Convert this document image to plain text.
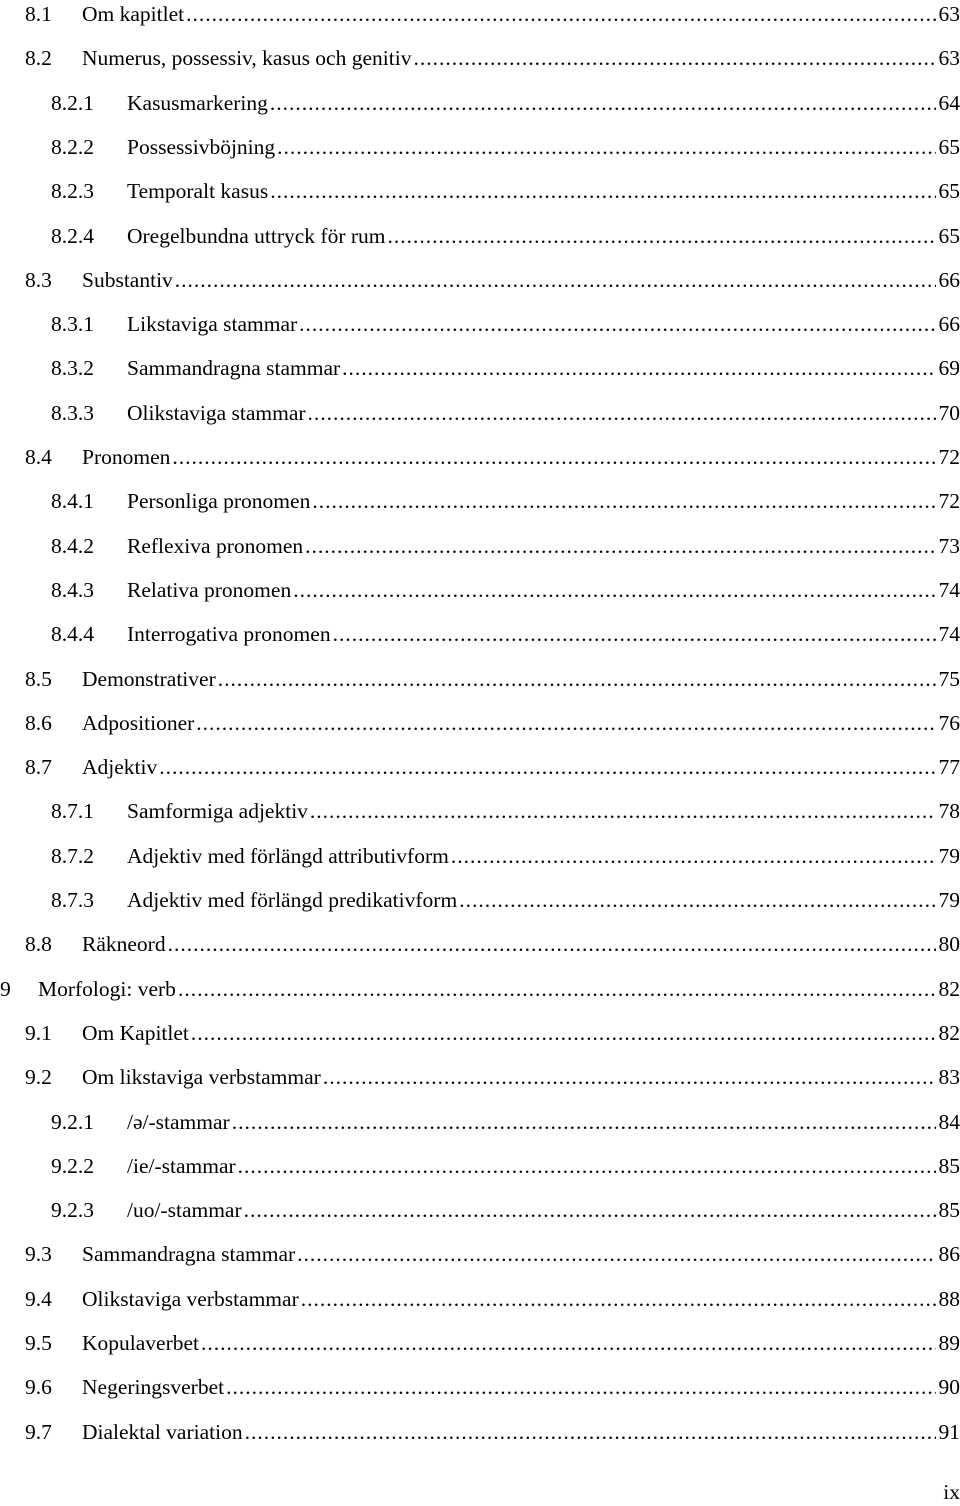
8.1 Om kapitlet .....	63
8.2 Numerus, possessiv, kasus och genitiv .....	63
8.2.1 Kasusmarkering .....	64
8.2.2 Possessivböjning .....	65
8.2.3 Temporalt kasus .....	65
8.2.4 Oregelbundna uttryck för rum .....	65
8.3 Substantiv .....	66
8.3.1 Likstaviga stammar .....	66
8.3.2 Sammandragna stammar .....	69
8.3.3 Olikstaviga stammar .....	70
8.4 Pronomen .....	72
8.4.1 Personliga pronomen .....	72
8.4.2 Reflexiva pronomen .....	73
8.4.3 Relativa pronomen .....	74
8.4.4 Interrogativa pronomen .....	74
8.5 Demonstrativer .....	75
8.6 Adpositioner .....	76
8.7 Adjektiv .....	77
8.7.1 Samformiga adjektiv .....	78
8.7.2 Adjektiv med förlängd attributivform .....	79
8.7.3 Adjektiv med förlängd predikativform .....	79
8.8 Räkneord .....	80
9 Morfologi: verb .....	82
9.1 Om Kapitlet .....	82
9.2 Om likstaviga verbstammar .....	83
9.2.1 /ə/-stammar .....	84
9.2.2 /ie/-stammar .....	85
9.2.3 /uo/-stammar .....	85
9.3 Sammandragna stammar .....	86
9.4 Olikstaviga verbstammar .....	88
9.5 Kopulaverbet .....	89
9.6 Negeringsverbet .....	90
9.7 Dialektal variation .....	91
ix
